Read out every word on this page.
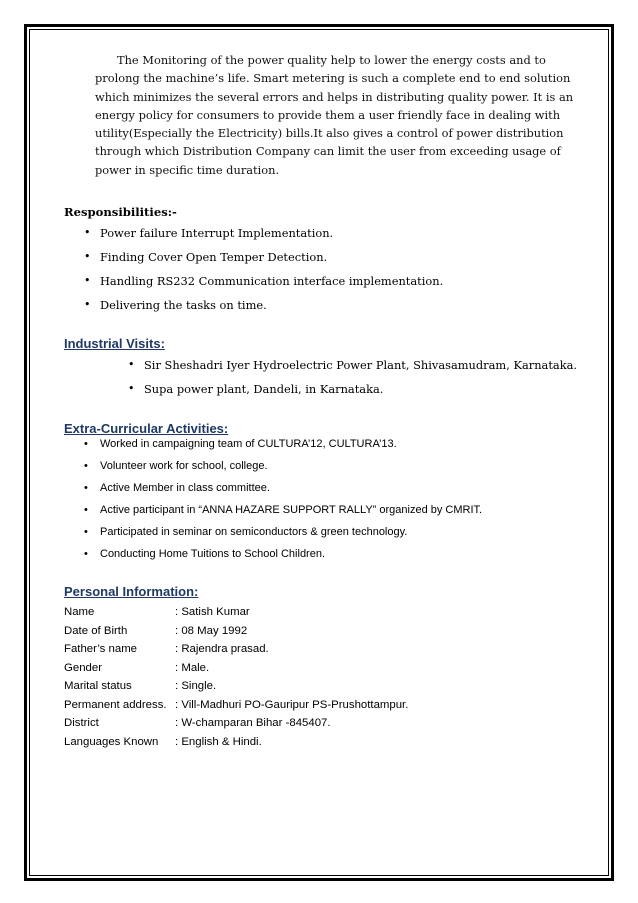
The Monitoring of the power quality help to lower the energy costs and to
prolong the machine’s life. Smart metering is such a complete end to end solution
which minimizes the several errors and helps in distributing quality power. It is an
energy policy for consumers to provide them a user friendly face in dealing with
utility(Especially the Electricity) bills.It also gives a control of power distribution
through which Distribution Company can limit the user from exceeding usage of
power in specific time duration.
Responsibilities:-
• Power failure Interrupt Implementation.
• Finding Cover Open Temper Detection.
• Handling RS232 Communication interface implementation.
• Delivering the tasks on time.
Industrial Visits:
• Sir Sheshadri Iyer Hydroelectric Power Plant, Shivasamudram, Karnataka.
• Supa power plant, Dandeli, in Karnataka.
Extra-Curricular Activities:
• Worked in campaigning team of CULTURA’12, CULTURA’13.
• Volunteer work for school, college.
• Active Member in class committee.
• Active participant in “ANNA HAZARE SUPPORT RALLY” organized by CMRIT.
• Participated in seminar on semiconductors & green technology.
• Conducting Home Tuitions to School Children.
Personal Information:
Name	: Satish Kumar
Date of Birth	: 08 May 1992
Father’s name	: Rajendra prasad.
Gender	: Male.
Marital status	: Single.
Permanent address. : Vill-Madhuri PO-Gauripur PS-Prushottampur.
District	: W-champaran Bihar -845407.
Languages Known : English & Hindi.
